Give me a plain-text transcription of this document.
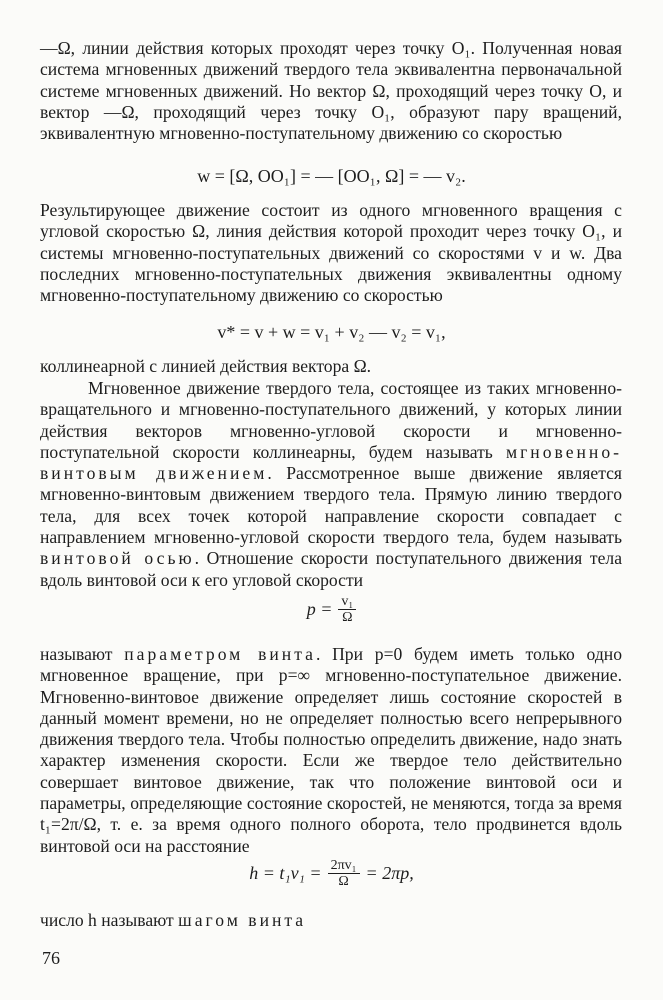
—Ω, линии действия которых проходят через точку O₁. Полученная новая система мгновенных движений твердого тела эквивалентна первоначальной системе мгновенных движений. Но вектор Ω, проходящий через точку O, и вектор —Ω, проходящий через точку O₁, образуют пару вращений, эквивалентную мгновенно-поступательному движению со скоростью

w = [Ω, OO₁] = — [OO₁, Ω] = — v₂.

Результирующее движение состоит из одного мгновенного вращения с угловой скоростью Ω, линия действия которой проходит через точку O₁, и системы мгновенно-поступательных движений со скоростями v и w. Два последних мгновенно-поступательных движения эквивалентны одному мгновенно-поступательному движению со скоростью

v* = v + w = v₁ + v₂ — v₂ = v₁,

коллинеарной с линией действия вектора Ω.

Мгновенное движение твердого тела, состоящее из таких мгновенно-вращательного и мгновенно-поступательного движений, у которых линии действия векторов мгновенно-угловой скорости и мгновенно-поступательной скорости коллинеарны, будем называть мгновенно-винтовым движением. Рассмотренное выше движение является мгновенно-винтовым движением твердого тела. Прямую линию твердого тела, для всех точек которой направление скорости совпадает с направлением мгновенно-угловой скорости твердого тела, будем называть винтовой осью. Отношение скорости поступательного движения тела вдоль винтовой оси к его угловой скорости

$p = \frac{\text{v₁}}{\Omega}$

называют параметром винта. При p=0 будем иметь только одно мгновенное вращение, при p=∞ мгновенно-поступательное движение. Мгновенно-винтовое движение определяет лишь состояние скоростей в данный момент времени, но не определяет полностью всего непрерывного движения твердого тела. Чтобы полностью определить движение, надо знать характер изменения скорости. Если же твердое тело действительно совершает винтовое движение, так что положение винтовой оси и параметры, определяющие состояние скоростей, не меняются, тогда за время t₁=2π/Ω, т. е. за время одного полного оборота, тело продвинется вдоль винтовой оси на расстояние

$h = t_1v_1 = \frac{\text{2πv₁}}{\Omega} = 2\pi p$,

число h называют шагом винта

76
